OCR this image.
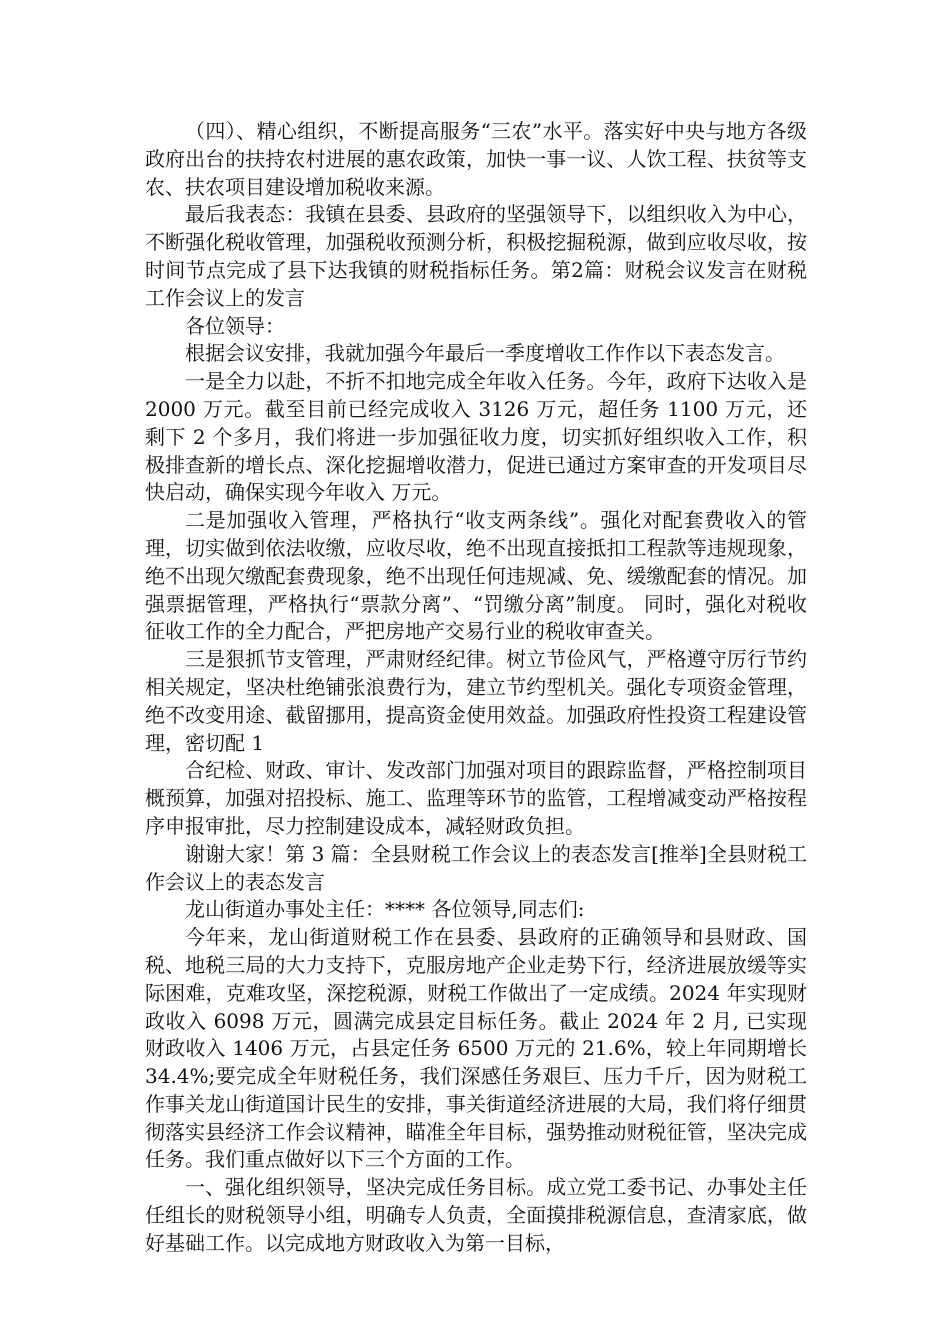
（四）、精心组织，不断提高服务“三农”水平。落实好中央与地方各级政府出台的扶持农村进展的惠农政策，加快一事一议、人饮工程、扶贫等支农、扶农项目建设增加税收来源。

最后我表态：我镇在县委、县政府的坚强领导下，以组织收入为中心，不断强化税收管理，加强税收预测分析，积极挖掘税源，做到应收尽收，按时间节点完成了县下达我镇的财税指标任务。第2篇：财税会议发言在财税工作会议上的发言

各位领导：

根据会议安排，我就加强今年最后一季度增收工作作以下表态发言。

一是全力以赴，不折不扣地完成全年收入任务。今年，政府下达收入是 2000 万元。截至目前已经完成收入 3126 万元，超任务 1100 万元，还剩下 2 个多月，我们将进一步加强征收力度，切实抓好组织收入工作，积极排查新的增长点、深化挖掘增收潜力，促进已通过方案审查的开发项目尽快启动，确保实现今年收入 万元。

二是加强收入管理，严格执行“收支两条线”。强化对配套费收入的管理，切实做到依法收缴，应收尽收，绝不出现直接抵扣工程款等违规现象，绝不出现欠缴配套费现象，绝不出现任何违规减、免、缓缴配套的情况。加强票据管理，严格执行“票款分离”、“罚缴分离”制度。 同时，强化对税收征收工作的全力配合，严把房地产交易行业的税收审查关。

三是狠抓节支管理，严肃财经纪律。树立节俭风气，严格遵守厉行节约相关规定，坚决杜绝铺张浪费行为，建立节约型机关。强化专项资金管理，绝不改变用途、截留挪用，提高资金使用效益。加强政府性投资工程建设管理，密切配 1

合纪检、财政、审计、发改部门加强对项目的跟踪监督，严格控制项目概预算，加强对招投标、施工、监理等环节的监管，工程增减变动严格按程序申报审批，尽力控制建设成本，减轻财政负担。

谢谢大家！第 3 篇：全县财税工作会议上的表态发言[推举]全县财税工作会议上的表态发言

龙山街道办事处主任：**** 各位领导,同志们:

今年来，龙山街道财税工作在县委、县政府的正确领导和县财政、国税、地税三局的大力支持下，克服房地产企业走势下行，经济进展放缓等实际困难，克难攻坚，深挖税源，财税工作做出了一定成绩。2024 年实现财政收入 6098 万元，圆满完成县定目标任务。截止 2024 年 2 月, 已实现财政收入 1406 万元，占县定任务 6500 万元的 21.6%，较上年同期增长 34.4%;要完成全年财税任务，我们深感任务艰巨、压力千斤，因为财税工作事关龙山街道国计民生的安排，事关街道经济进展的大局，我们将仔细贯彻落实县经济工作会议精神，瞄准全年目标，强势推动财税征管，坚决完成任务。我们重点做好以下三个方面的工作。

一、强化组织领导，坚决完成任务目标。成立党工委书记、办事处主任任组长的财税领导小组，明确专人负责，全面摸排税源信息，查清家底，做好基础工作。以完成地方财政收入为第一目标，
